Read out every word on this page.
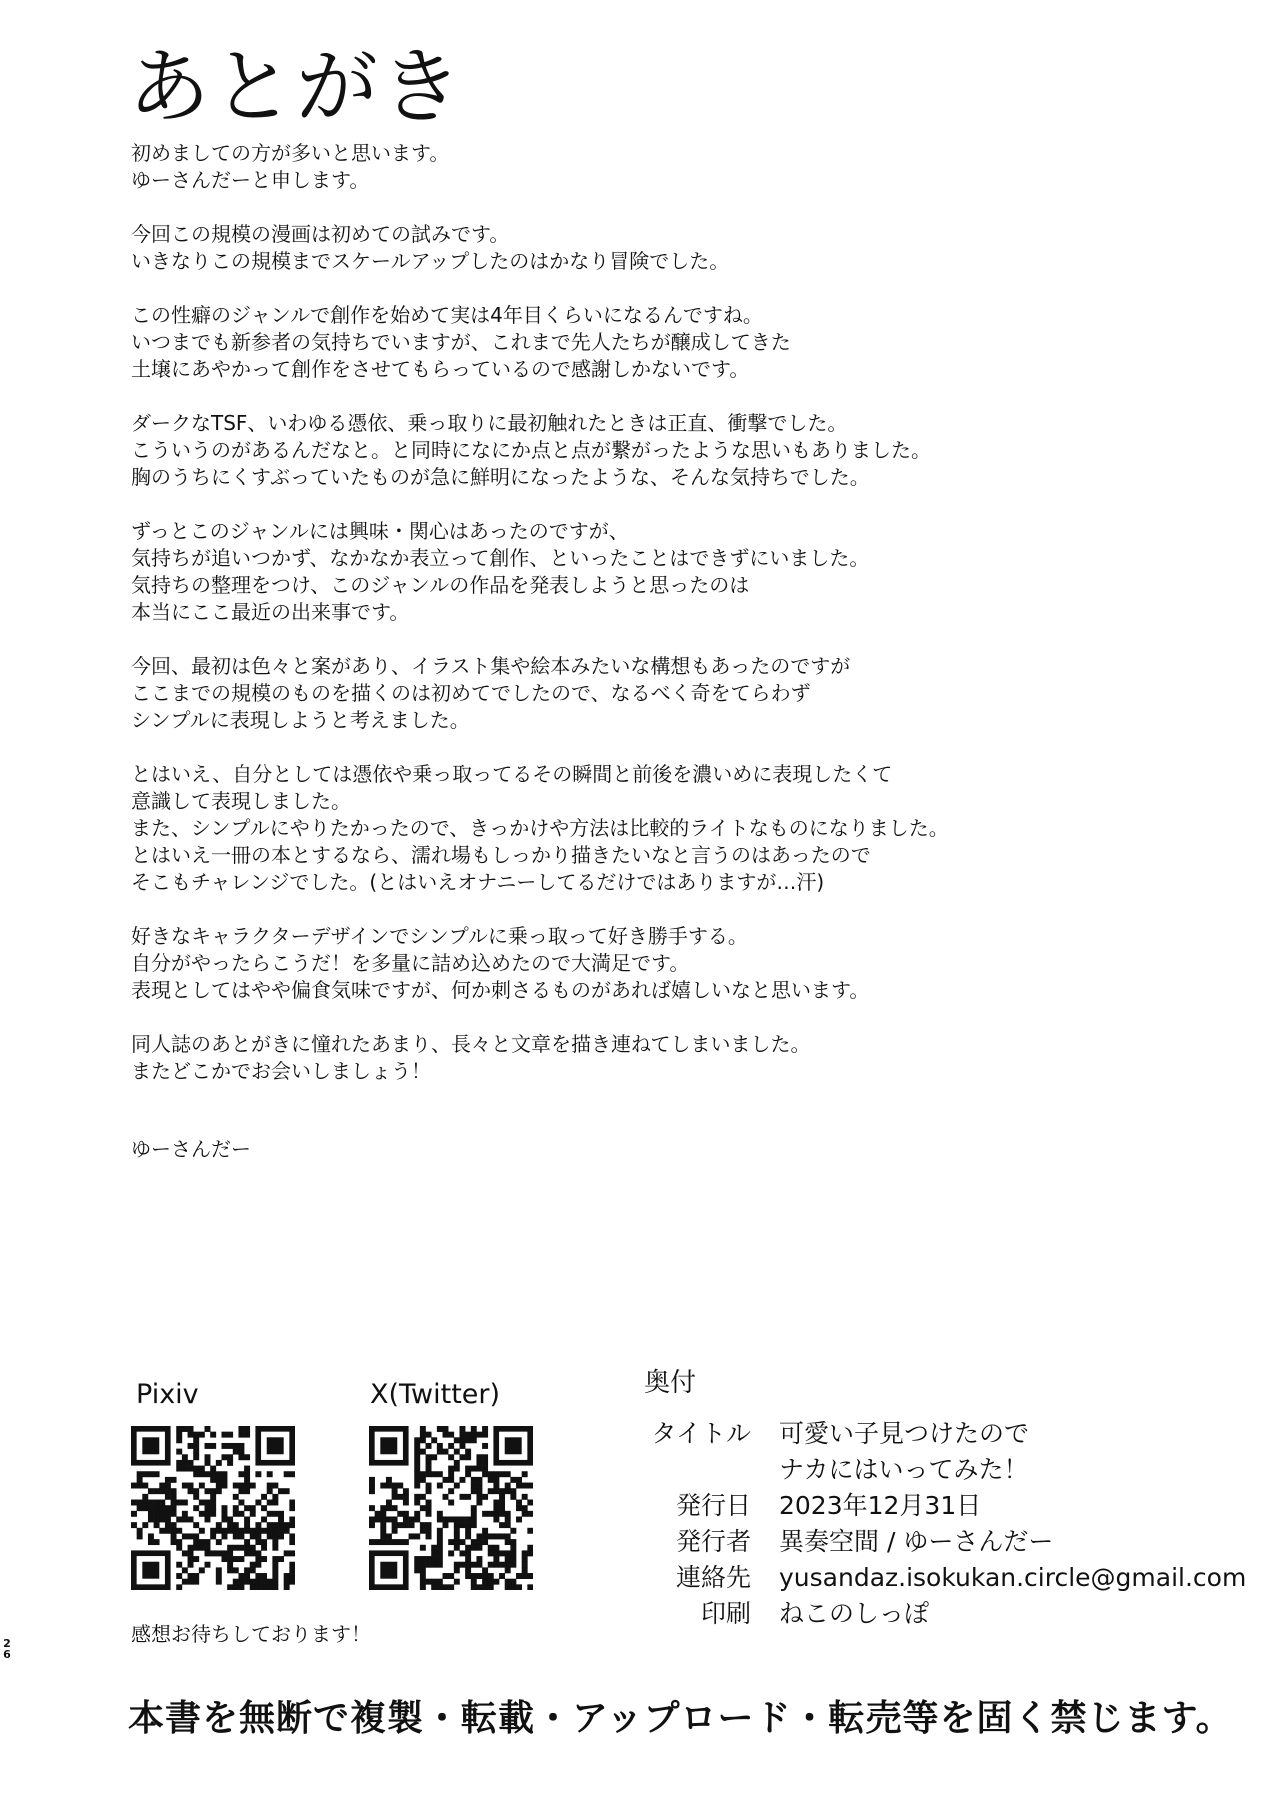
あとがき

初めましての方が多いと思います。
ゆーさんだーと申します。

今回この規模の漫画は初めての試みです。
いきなりこの規模までスケールアップしたのはかなり冒険でした。

この性癖のジャンルで創作を始めて実は4年目くらいになるんですね。
いつまでも新参者の気持ちでいますが、これまで先人たちが醸成してきた
土壌にあやかって創作をさせてもらっているので感謝しかないです。

ダークなTSF、いわゆる憑依、乗っ取りに最初触れたときは正直、衝撃でした。
こういうのがあるんだなと。と同時になにか点と点が繋がったような思いもありました。
胸のうちにくすぶっていたものが急に鮮明になったような、そんな気持ちでした。

ずっとこのジャンルには興味・関心はあったのですが、
気持ちが追いつかず、なかなか表立って創作、といったことはできずにいました。
気持ちの整理をつけ、このジャンルの作品を発表しようと思ったのは
本当にここ最近の出来事です。

今回、最初は色々と案があり、イラスト集や絵本みたいな構想もあったのですが
ここまでの規模のものを描くのは初めてでしたので、なるべく奇をてらわず
シンプルに表現しようと考えました。

とはいえ、自分としては憑依や乗っ取ってるその瞬間と前後を濃いめに表現したくて
意識して表現しました。
また、シンプルにやりたかったので、きっかけや方法は比較的ライトなものになりました。
とはいえ一冊の本とするなら、濡れ場もしっかり描きたいなと言うのはあったので
そこもチャレンジでした。(とはいえオナニーしてるだけではありますが…汗)

好きなキャラクターデザインでシンプルに乗っ取って好き勝手する。
自分がやったらこうだ！を多量に詰め込めたので大満足です。
表現としてはやや偏食気味ですが、何か刺さるものがあれば嬉しいなと思います。

同人誌のあとがきに憧れたあまり、長々と文章を描き連ねてしまいました。
またどこかでお会いしましょう！

ゆーさんだー
Pixiv	X(Twitter)
感想お待ちしております！
奥付
タイトル	可愛い子見つけたので
ナカにはいってみた！
発行日	2023年12月31日
発行者	異奏空間 / ゆーさんだー
連絡先	yusandaz.isokukan.circle@gmail.com
印刷	ねこのしっぽ
2
6
本書を無断で複製・転載・アップロード・転売等を固く禁じます。
